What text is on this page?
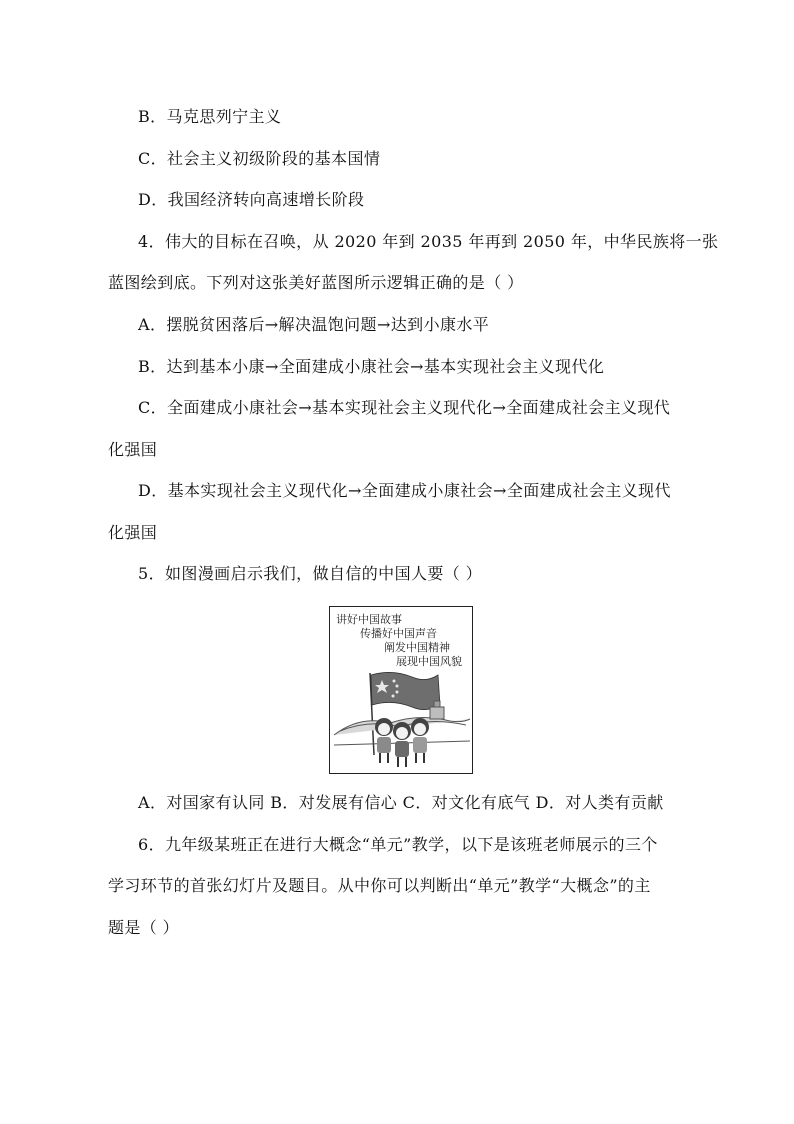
B．马克思列宁主义
C．社会主义初级阶段的基本国情
D．我国经济转向高速增长阶段
4．伟大的目标在召唤，从 2020 年到 2035 年再到 2050 年，中华民族将一张
蓝图绘到底。下列对这张美好蓝图所示逻辑正确的是（ ）
A．摆脱贫困落后→解决温饱问题→达到小康水平
B．达到基本小康→全面建成小康社会→基本实现社会主义现代化
C．全面建成小康社会→基本实现社会主义现代化→全面建成社会主义现代
化强国
D．基本实现社会主义现代化→全面建成小康社会→全面建成社会主义现代
化强国
5．如图漫画启示我们，做自信的中国人要（ ）
讲好中国故事
传播好中国声音
阐发中国精神
展现中国风貌
A．对国家有认同 B．对发展有信心 C．对文化有底气 D．对人类有贡献
6．九年级某班正在进行大概念“单元”教学，以下是该班老师展示的三个
学习环节的首张幻灯片及题目。从中你可以判断出“单元”教学“大概念”的主
题是（ ）
